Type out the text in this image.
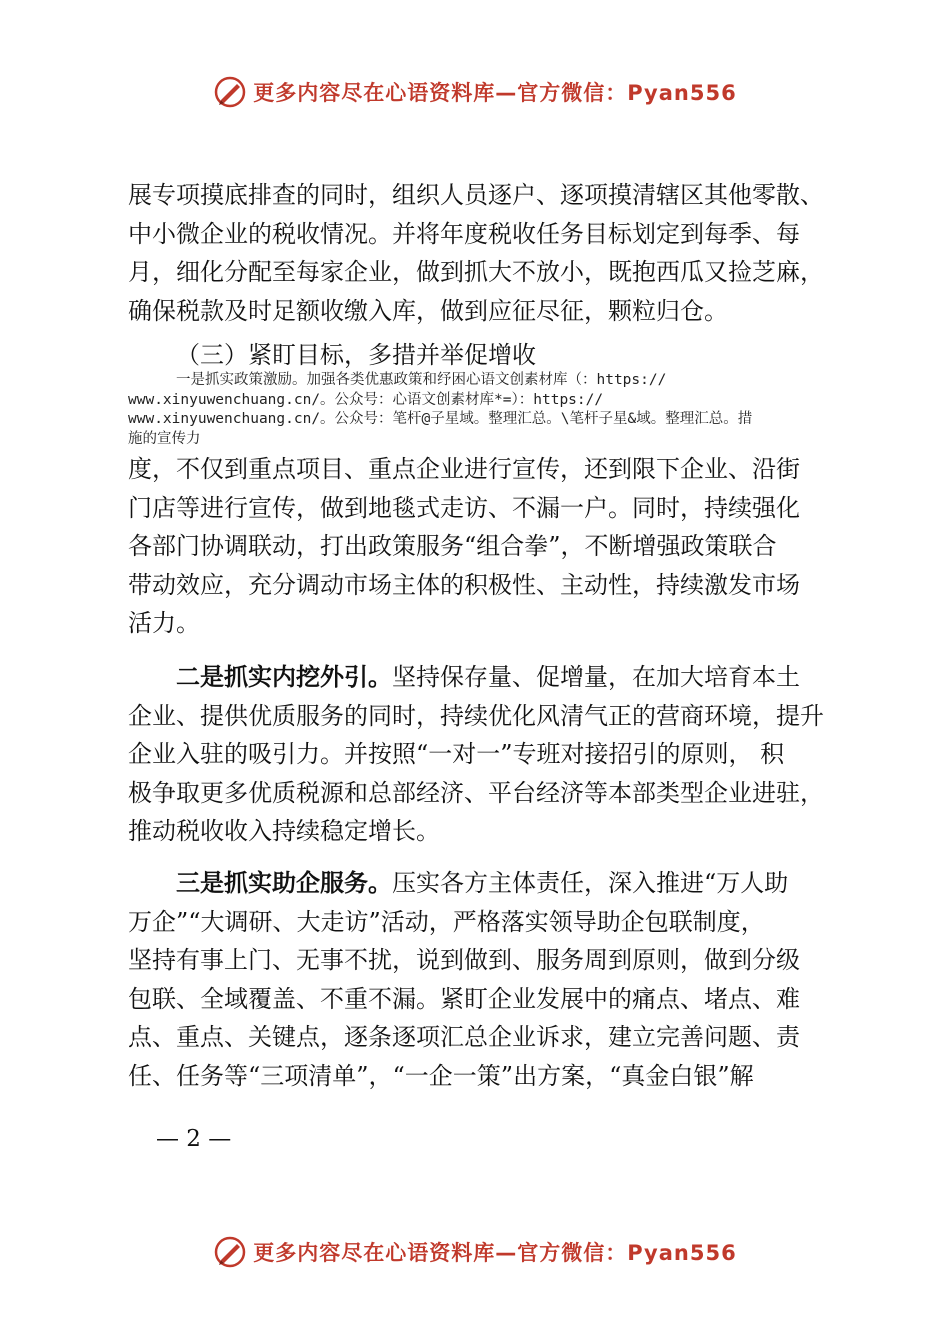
更多内容尽在心语资料库—官方微信：Pyan556
展专项摸底排查的同时，组织人员逐户、逐项摸清辖区其他零散、
中小微企业的税收情况。并将年度税收任务目标划定到每季、每
月，细化分配至每家企业，做到抓大不放小，既抱西瓜又捡芝麻，
确保税款及时足额收缴入库，做到应征尽征，颗粒归仓。
（三）紧盯目标，多措并举促增收
一是抓实政策激励。加强各类优惠政策和纾困心语文创素材库（：https://
www.xinyuwenchuang.cn/。公众号：心语文创素材库*=）：https://
www.xinyuwenchuang.cn/。公众号：笔杆@子星域。整理汇总。\笔杆子星&域。整理汇总。措
施的宣传力
度，不仅到重点项目、重点企业进行宣传，还到限下企业、沿街
门店等进行宣传，做到地毯式走访、不漏一户。同时，持续强化
各部门协调联动，打出政策服务“组合拳”，不断增强政策联合
带动效应，充分调动市场主体的积极性、主动性，持续激发市场
活力。
二是抓实内挖外引。坚持保存量、促增量，在加大培育本土
企业、提供优质服务的同时，持续优化风清气正的营商环境，提升
企业入驻的吸引力。并按照“一对一”专班对接招引的原则， 积
极争取更多优质税源和总部经济、平台经济等本部类型企业进驻，
推动税收收入持续稳定增长。
三是抓实助企服务。压实各方主体责任，深入推进“万人助
万企”“大调研、大走访”活动，严格落实领导助企包联制度，
坚持有事上门、无事不扰，说到做到、服务周到原则，做到分级
包联、全域覆盖、不重不漏。紧盯企业发展中的痛点、堵点、难
点、重点、关键点，逐条逐项汇总企业诉求，建立完善问题、责
任、任务等“三项清单”，“一企一策”出方案，“真金白银”解
— 2 —
更多内容尽在心语资料库—官方微信：Pyan556
